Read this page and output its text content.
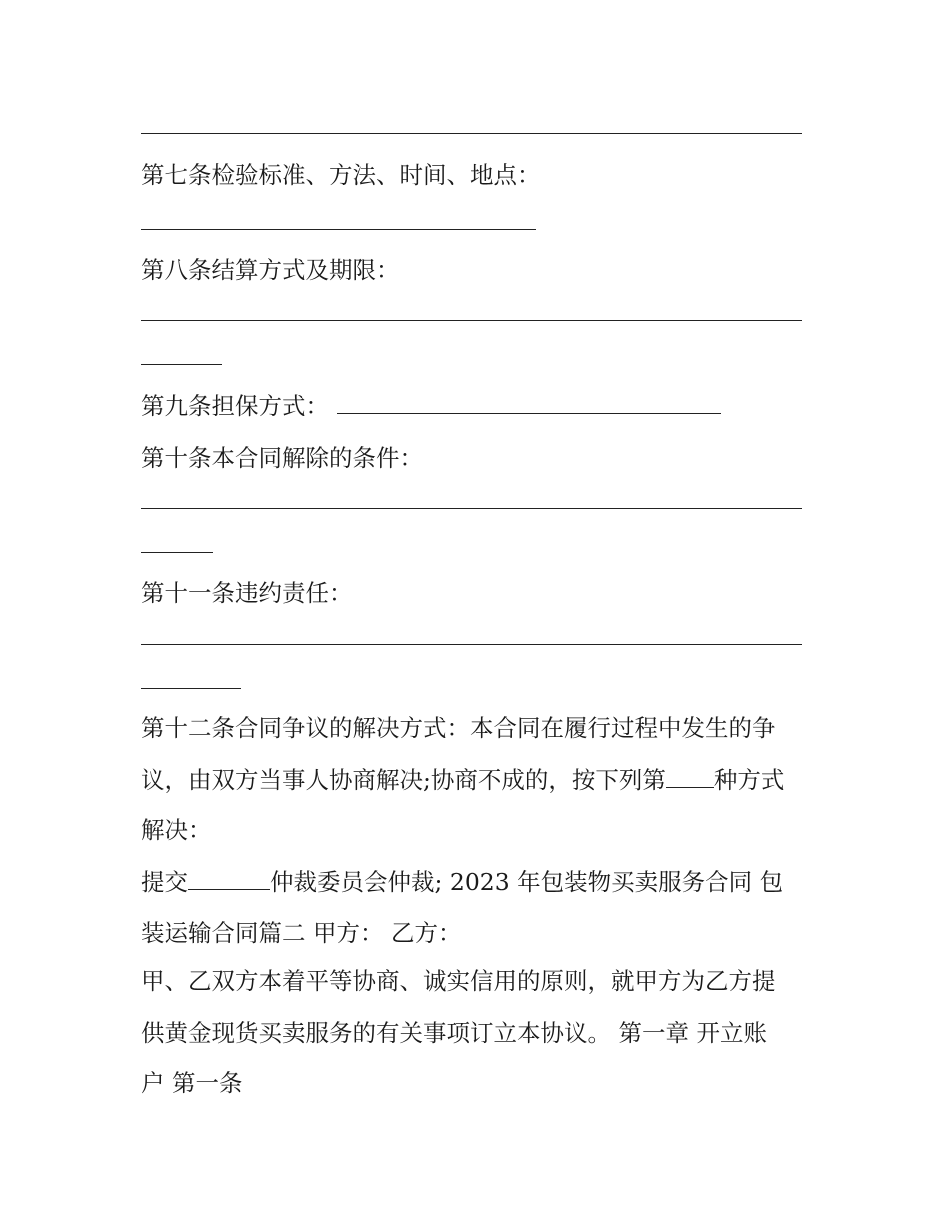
第七条检验标准、方法、时间、地点：
第八条结算方式及期限：
第九条担保方式：
第十条本合同解除的条件：
第十一条违约责任：
第十二条合同争议的解决方式：本合同在履行过程中发生的争
议，由双方当事人协商解决;协商不成的，按下列第 种方式
解决：
提交	仲裁委员会仲裁; 2023 年包装物买卖服务合同 包
装运输合同篇二 甲方： 乙方：
甲、乙双方本着平等协商、诚实信用的原则，就甲方为乙方提
供黄金现货买卖服务的有关事项订立本协议。 第一章 开立账
户 第一条
